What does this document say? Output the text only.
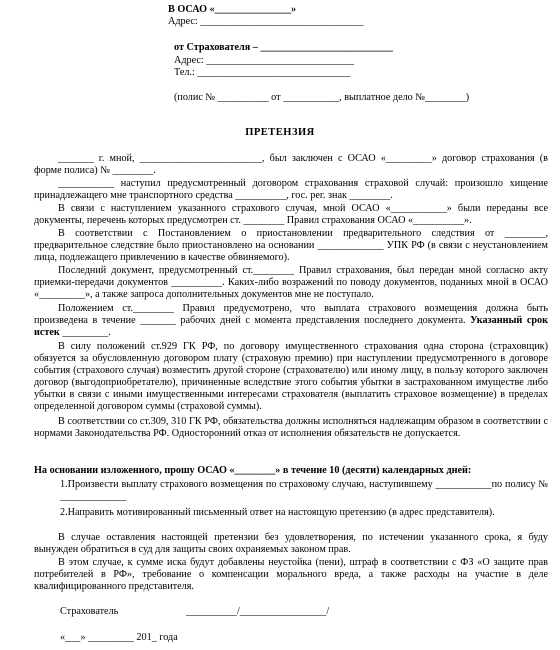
В ОСАО «_______________»
Адрес: ________________________________
от Страхователя – __________________________
Адрес: _____________________________
Тел.: ______________________________
(полис № __________ от ___________, выплатное дело №________)
ПРЕТЕНЗИЯ
_______ г. мной, ________________________, был заключен с ОСАО «_________» договор страхования (в форме полиса) № ________.
___________ наступил предусмотренный договором страхования страховой случай: произошло хищение принадлежащего мне транспортного средства __________, гос. рег. знак ________.
В связи с наступлением указанного страхового случая, мной ОСАО «___________» были переданы все документы, перечень которых предусмотрен ст. ________ Правил страхования ОСАО «__________».
В соответствии с Постановлением о приостановлении предварительного следствия от ________, предварительное следствие было приостановлено на основании _____________ УПК РФ (в связи с неустановлением лица, подлежащего привлечению в качестве обвиняемого).
Последний документ, предусмотренный ст.________ Правил страхования, был передан мной согласно акту приемки-передачи документов __________. Каких-либо возражений по поводу документов, поданных мной в ОСАО «_________», а также запроса дополнительных документов мне не поступало.
Положением ст.________ Правил предусмотрено, что выплата страхового возмещения должна быть произведена в течение _______ рабочих дней с момента представления последнего документа. Указанный срок истек _________.
В силу положений ст.929 ГК РФ, по договору имущественного страхования одна сторона (страховщик) обязуется за обусловленную договором плату (страховую премию) при наступлении предусмотренного в договоре события (страхового случая) возместить другой стороне (страхователю) или иному лицу, в пользу которого заключен договор (выгодоприобретателю), причиненные вследствие этого события убытки в застрахованном имуществе либо убытки в связи с иными имущественными интересами страхователя (выплатить страховое возмещение) в пределах определенной договором суммы (страховой суммы).
В соответствии со ст.309, 310 ГК РФ, обязательства должны исполняться надлежащим образом в соответствии с нормами Законодательства РФ. Односторонний отказ от исполнения обязательств не допускается.
На основании изложенного, прошу ОСАО «________» в течение 10 (десяти) календарных дней:
1.Произвести выплату страхового возмещения по страховому случаю, наступившему ___________по полису № _____________
2.Направить мотивированный письменный ответ на настоящую претензию (в адрес представителя).
В случае оставления настоящей претензии без удовлетворения, по истечении указанного срока, я буду вынужден обратиться в суд для защиты своих охраняемых законом прав.
В этом случае, к сумме иска будут добавлены неустойка (пени), штраф в соответствии с ФЗ «О защите прав потребителей в РФ», требование о компенсации морального вреда, а также расходы на участие в деле квалифицированного представителя.
Страхователь	__________/_________________/
«___» _________ 201_ года
